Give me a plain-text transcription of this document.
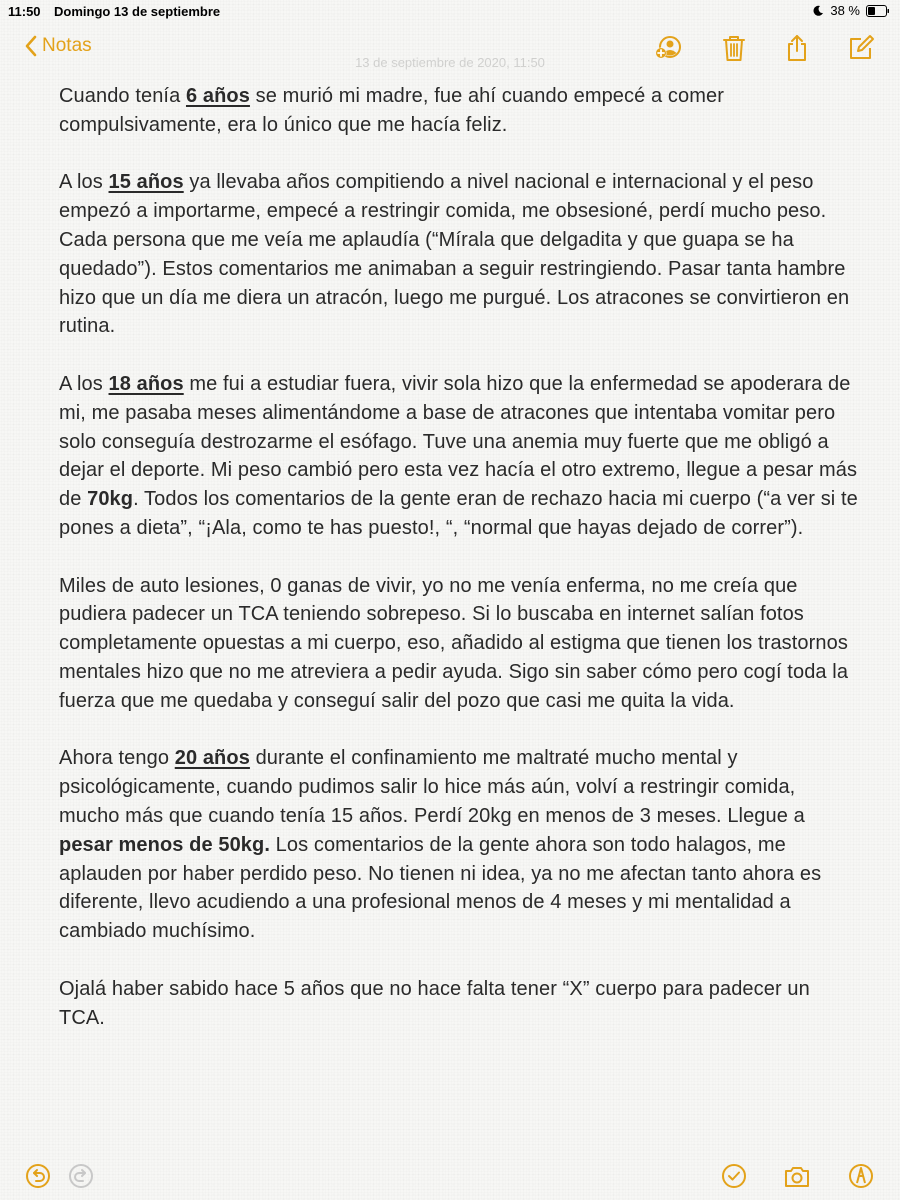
11:50 Domingo 13 de septiembre	38 %
Notas
13 de septiembre de 2020, 11:50

Cuando tenía 6 años se murió mi madre, fue ahí cuando empecé a comer compulsivamente, era lo único que me hacía feliz.

A los 15 años ya llevaba años compitiendo a nivel nacional e internacional y el peso empezó a importarme, empecé a restringir comida, me obsesioné, perdí mucho peso. Cada persona que me veía me aplaudía (“Mírala que delgadita y que guapa se ha quedado”). Estos comentarios me animaban a seguir restringiendo. Pasar tanta hambre hizo que un día me diera un atracón, luego me purgué. Los atracones se convirtieron en rutina.

A los 18 años me fui a estudiar fuera, vivir sola hizo que la enfermedad se apoderara de mi, me pasaba meses alimentándome a base de atracones que intentaba vomitar pero solo conseguía destrozarme el esófago. Tuve una anemia muy fuerte que me obligó a dejar el deporte. Mi peso cambió pero esta vez hacía el otro extremo, llegue a pesar más de 70kg. Todos los comentarios de la gente eran de rechazo hacia mi cuerpo (“a ver si te pones a dieta”, “¡Ala, como te has puesto!, “, “normal que hayas dejado de correr”).

Miles de auto lesiones, 0 ganas de vivir, yo no me venía enferma, no me creía que pudiera padecer un TCA teniendo sobrepeso. Si lo buscaba en internet salían fotos completamente opuestas a mi cuerpo, eso, añadido al estigma que tienen los trastornos mentales hizo que no me atreviera a pedir ayuda. Sigo sin saber cómo pero cogí toda la fuerza que me quedaba y conseguí salir del pozo que casi me quita la vida.

Ahora tengo 20 años durante el confinamiento me maltraté mucho mental y psicológicamente, cuando pudimos salir lo hice más aún, volví a restringir comida, mucho más que cuando tenía 15 años. Perdí 20kg en menos de 3 meses. Llegue a pesar menos de 50kg. Los comentarios de la gente ahora son todo halagos, me aplauden por haber perdido peso. No tienen ni idea, ya no me afectan tanto ahora es diferente, llevo acudiendo a una profesional menos de 4 meses y mi mentalidad a cambiado muchísimo.

Ojalá haber sabido hace 5 años que no hace falta tener “X” cuerpo para padecer un TCA.
